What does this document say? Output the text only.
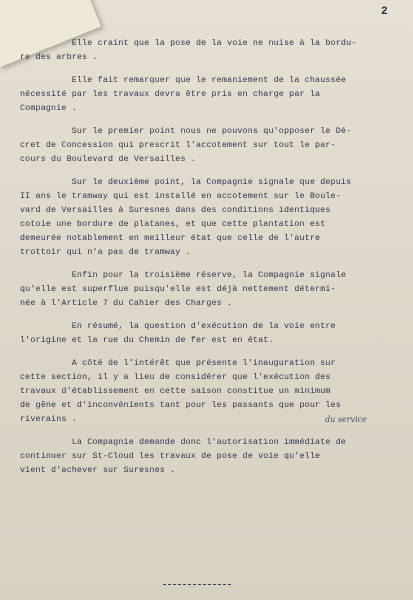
2
Elle craint que la pose de la voie ne nuise à la bordu-
re des arbres .
Elle fait remarquer que le remaniement de la chaussée
nécessité par les travaux devra être pris en charge par la
Compagnie .
Sur le premier point nous ne pouvons qu'opposer le Dé-
cret de Concession qui prescrit l'accotement sur tout le par-
cours du Boulevard de Versailles .
Sur le deuxième point, la Compagnie signale que depuis
II ans le tramway qui est installé en accotement sur le Boule-
vard de Versailles à Suresnes dans des conditions identiques
cotoie une bordure de platanes, et que cette plantation est
demeurée notablement en meilleur état que celle de l'autre
trottoir qui n'a pas de tramway .
Enfin pour la troisième réserve, la Compagnie signale
qu'elle est superflue puisqu'elle est déjà nettement détermi-
née à l'Article 7 du Cahier des Charges .
En résumé, la question d'exécution de la voie entre
l'origine et la rue du Chemin de fer est en état.
A côté de l'intérêt que présente l'inauguration sur
cette section, il y a lieu de considérer que l'exécution des
travaux d'établissement en cette saison constitue un minimum
de gêne et d'inconvénients tant pour les passants que pour les
riverains .
La Compagnie demande donc l'autorisation immédiate de
continuer sur St-Cloud les travaux de pose de voie qu'elle
vient d'achever sur Suresnes .
du service
